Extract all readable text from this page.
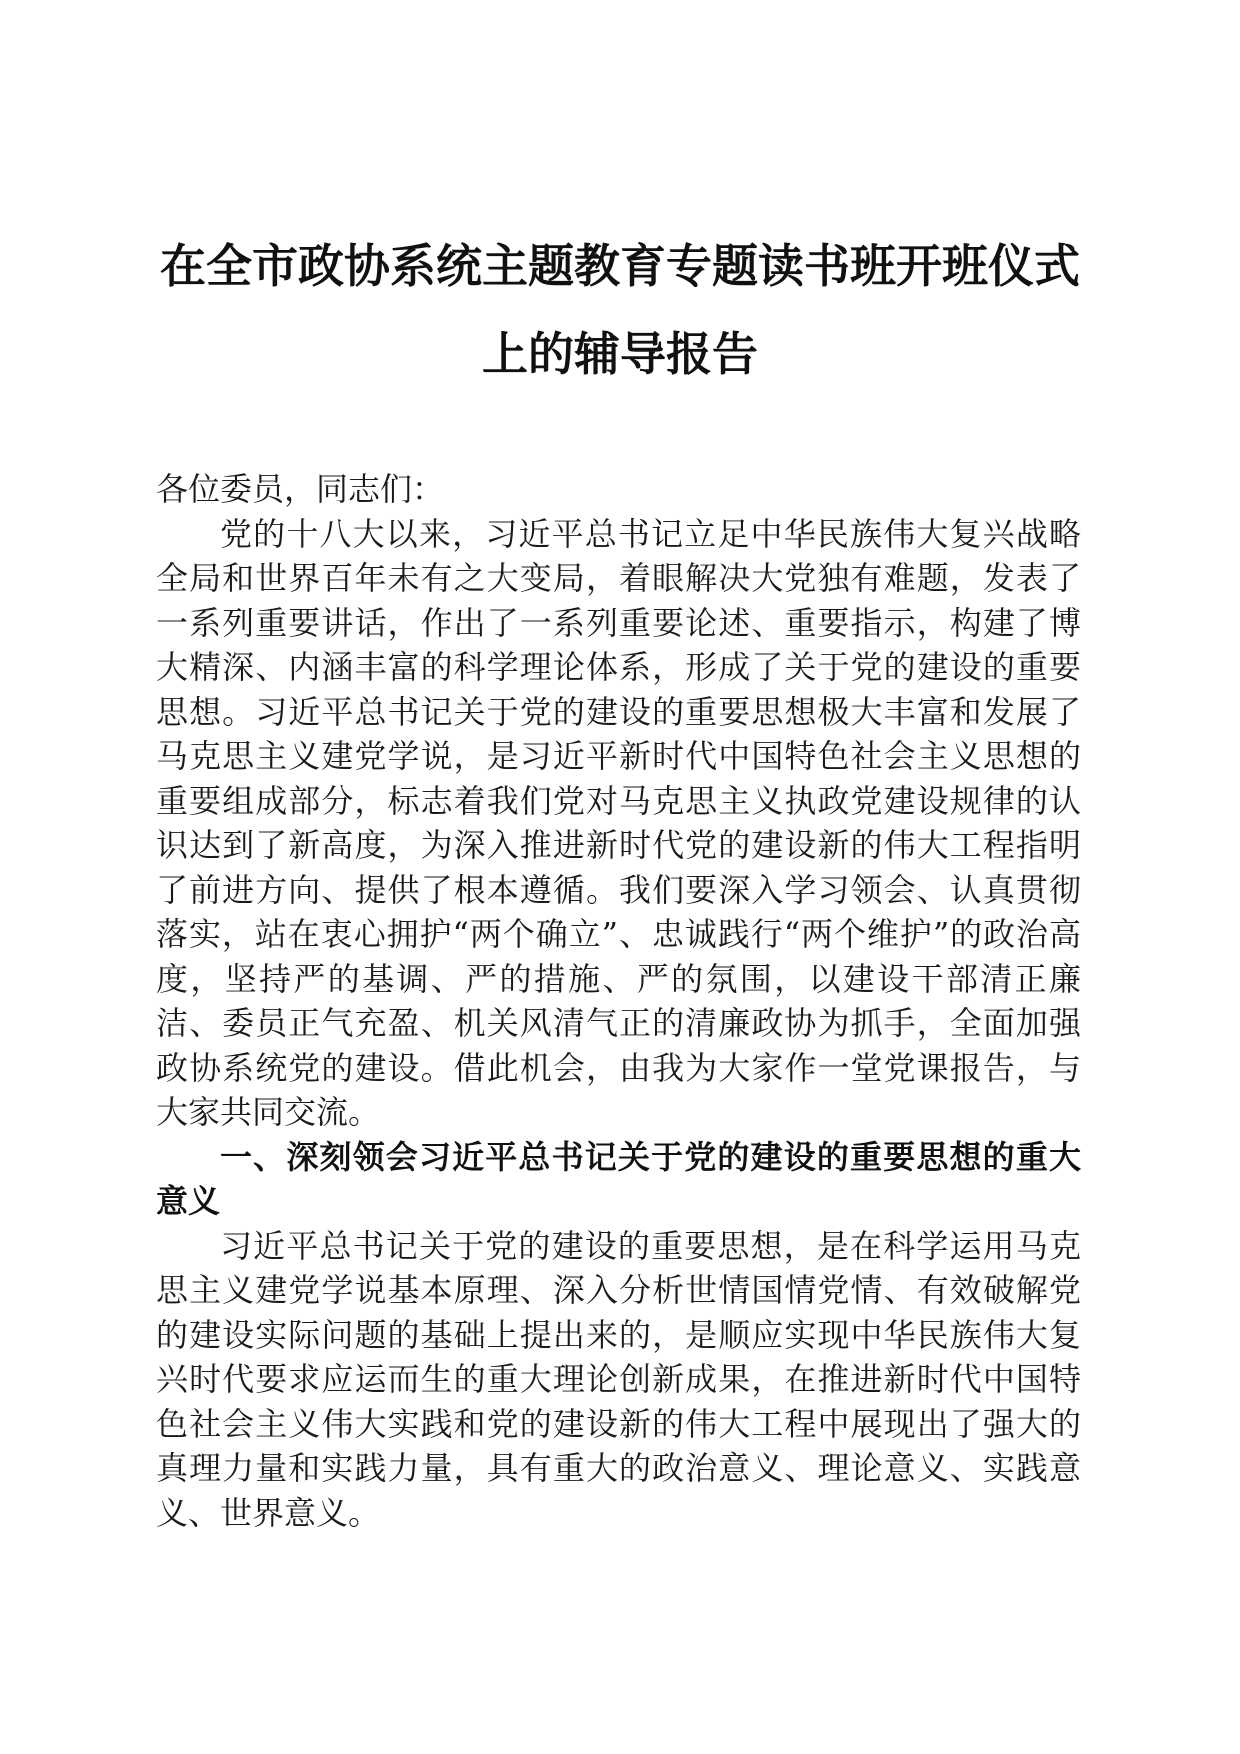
在全市政协系统主题教育专题读书班开班仪式
上的辅导报告

各位委员，同志们：

党的十八大以来，习近平总书记立足中华民族伟大复兴战略全局和世界百年未有之大变局，着眼解决大党独有难题，发表了一系列重要讲话，作出了一系列重要论述、重要指示，构建了博大精深、内涵丰富的科学理论体系，形成了关于党的建设的重要思想。习近平总书记关于党的建设的重要思想极大丰富和发展了马克思主义建党学说，是习近平新时代中国特色社会主义思想的重要组成部分，标志着我们党对马克思主义执政党建设规律的认识达到了新高度，为深入推进新时代党的建设新的伟大工程指明了前进方向、提供了根本遵循。我们要深入学习领会、认真贯彻落实，站在衷心拥护“两个确立”、忠诚践行“两个维护”的政治高度，坚持严的基调、严的措施、严的氛围，以建设干部清正廉洁、委员正气充盈、机关风清气正的清廉政协为抓手，全面加强政协系统党的建设。借此机会，由我为大家作一堂党课报告，与大家共同交流。

一、深刻领会习近平总书记关于党的建设的重要思想的重大意义

习近平总书记关于党的建设的重要思想，是在科学运用马克思主义建党学说基本原理、深入分析世情国情党情、有效破解党的建设实际问题的基础上提出来的，是顺应实现中华民族伟大复兴时代要求应运而生的重大理论创新成果，在推进新时代中国特色社会主义伟大实践和党的建设新的伟大工程中展现出了强大的真理力量和实践力量，具有重大的政治意义、理论意义、实践意义、世界意义。
